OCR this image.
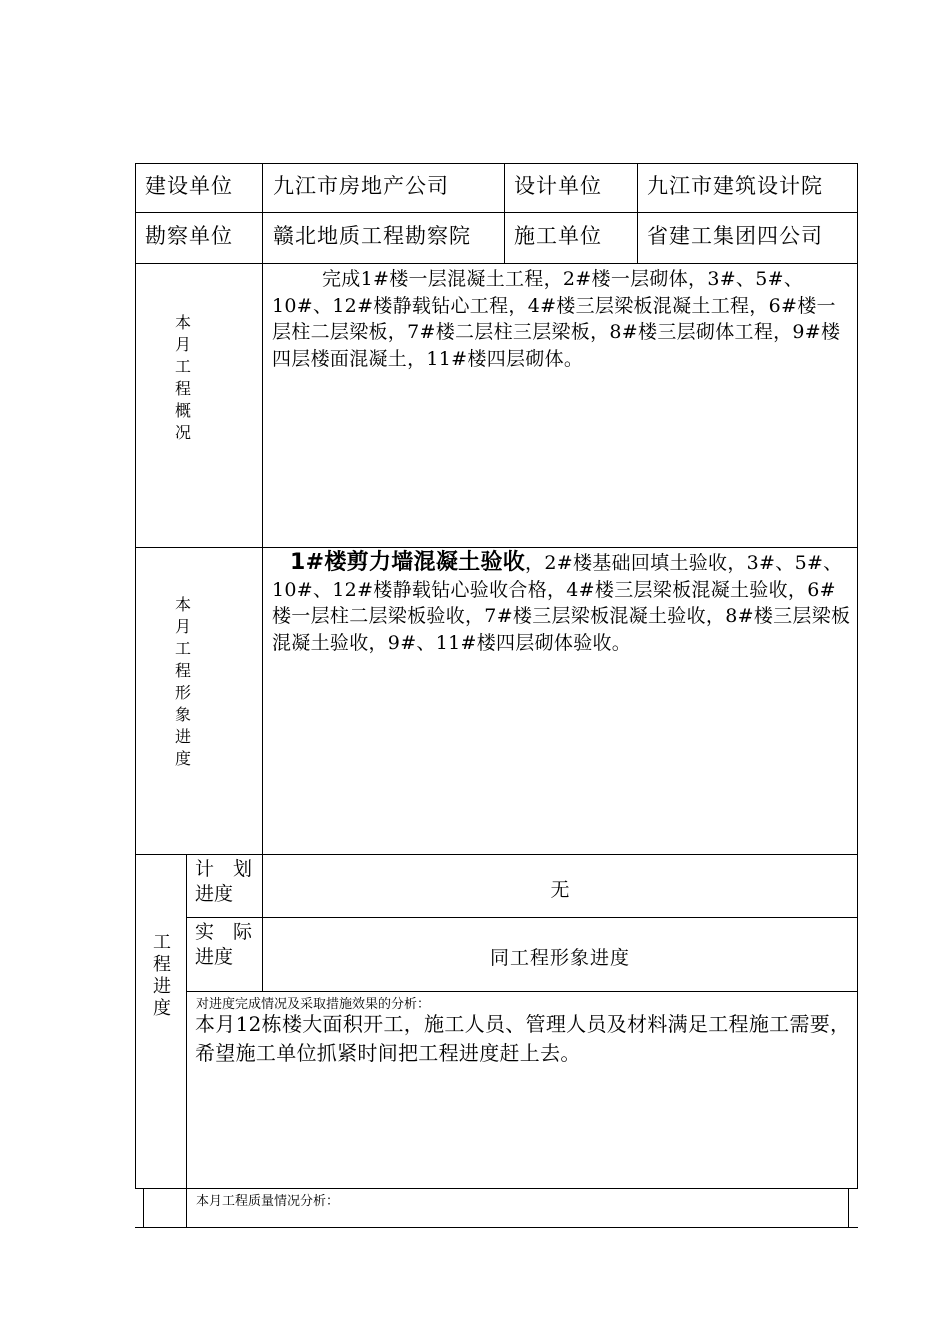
建设单位 九江市房地产公司	设计单位 九江市建筑设计院
勘察单位 赣北地质工程勘察院 施工单位 省建工集团四公司
本
月
工
程
概
况
完成1#楼一层混凝土工程，2#楼一层砌体，3#、5#、10#、12#楼静载钻心工程，4#楼三层梁板混凝土工程，6#楼一层柱二层梁板，7#楼二层柱三层梁板，8#楼三层砌体工程，9#楼四层楼面混凝土，11#楼四层砌体。
本
月
工
程
形
象
进
度
1#楼剪力墙混凝土验收，2#楼基础回填土验收，3#、5#、10#、12#楼静载钻心验收合格，4#楼三层梁板混凝土验收，6#楼一层柱二层梁板验收，7#楼三层梁板混凝土验收，8#楼三层梁板混凝土验收，9#、11#楼四层砌体验收。
工
程
进
度
计　划
进度	无
实　际
进度	同工程形象进度
对进度完成情况及采取措施效果的分析：
本月12栋楼大面积开工，施工人员、管理人员及材料满足工程施工需要，希望施工单位抓紧时间把工程进度赶上去。
本月工程质量情况分析：
